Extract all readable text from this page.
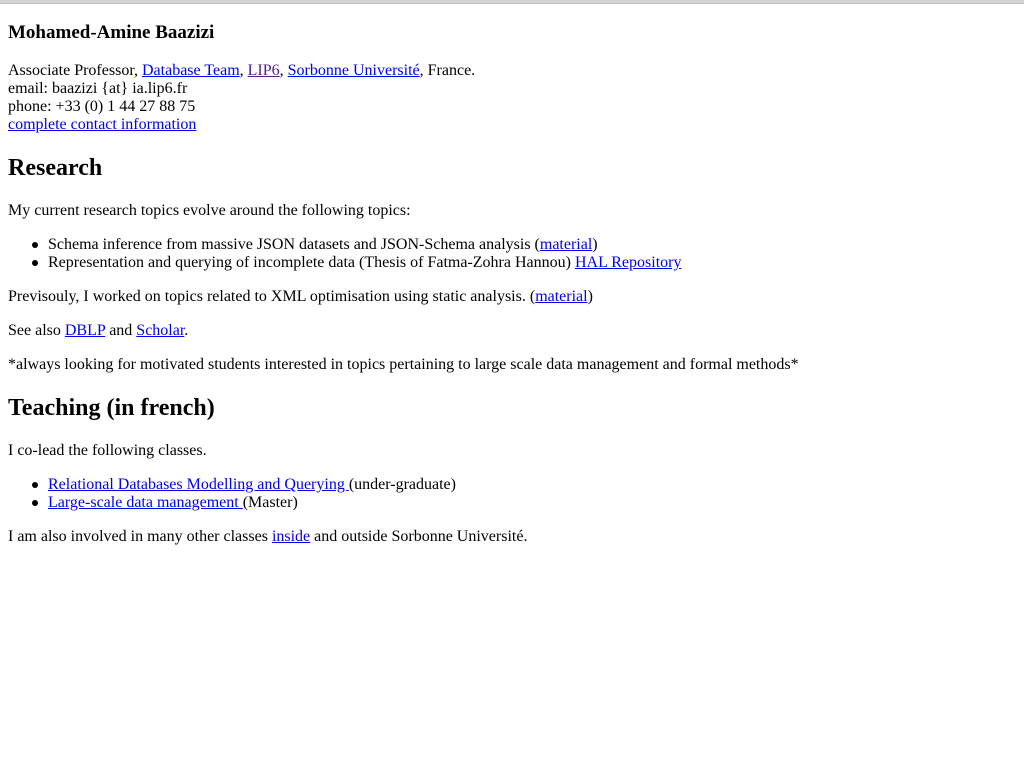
Mohamed-Amine Baazizi
Associate Professor, Database Team, LIP6, Sorbonne Université, France.
email: baazizi {at} ia.lip6.fr
phone: +33 (0) 1 44 27 88 75
complete contact information
Research

My current research topics evolve around the following topics:

Schema inference from massive JSON datasets and JSON-Schema analysis (material)
Representation and querying of incomplete data (Thesis of Fatma-Zohra Hannou) HAL Repository

Previsouly, I worked on topics related to XML optimisation using static analysis. (material)

See also DBLP and Scholar.

*always looking for motivated students interested in topics pertaining to large scale data management and formal methods*

Teaching (in french)

I co-lead the following classes.

Relational Databases Modelling and Querying (under-graduate)
Large-scale data management (Master)

I am also involved in many other classes inside and outside Sorbonne Université.
